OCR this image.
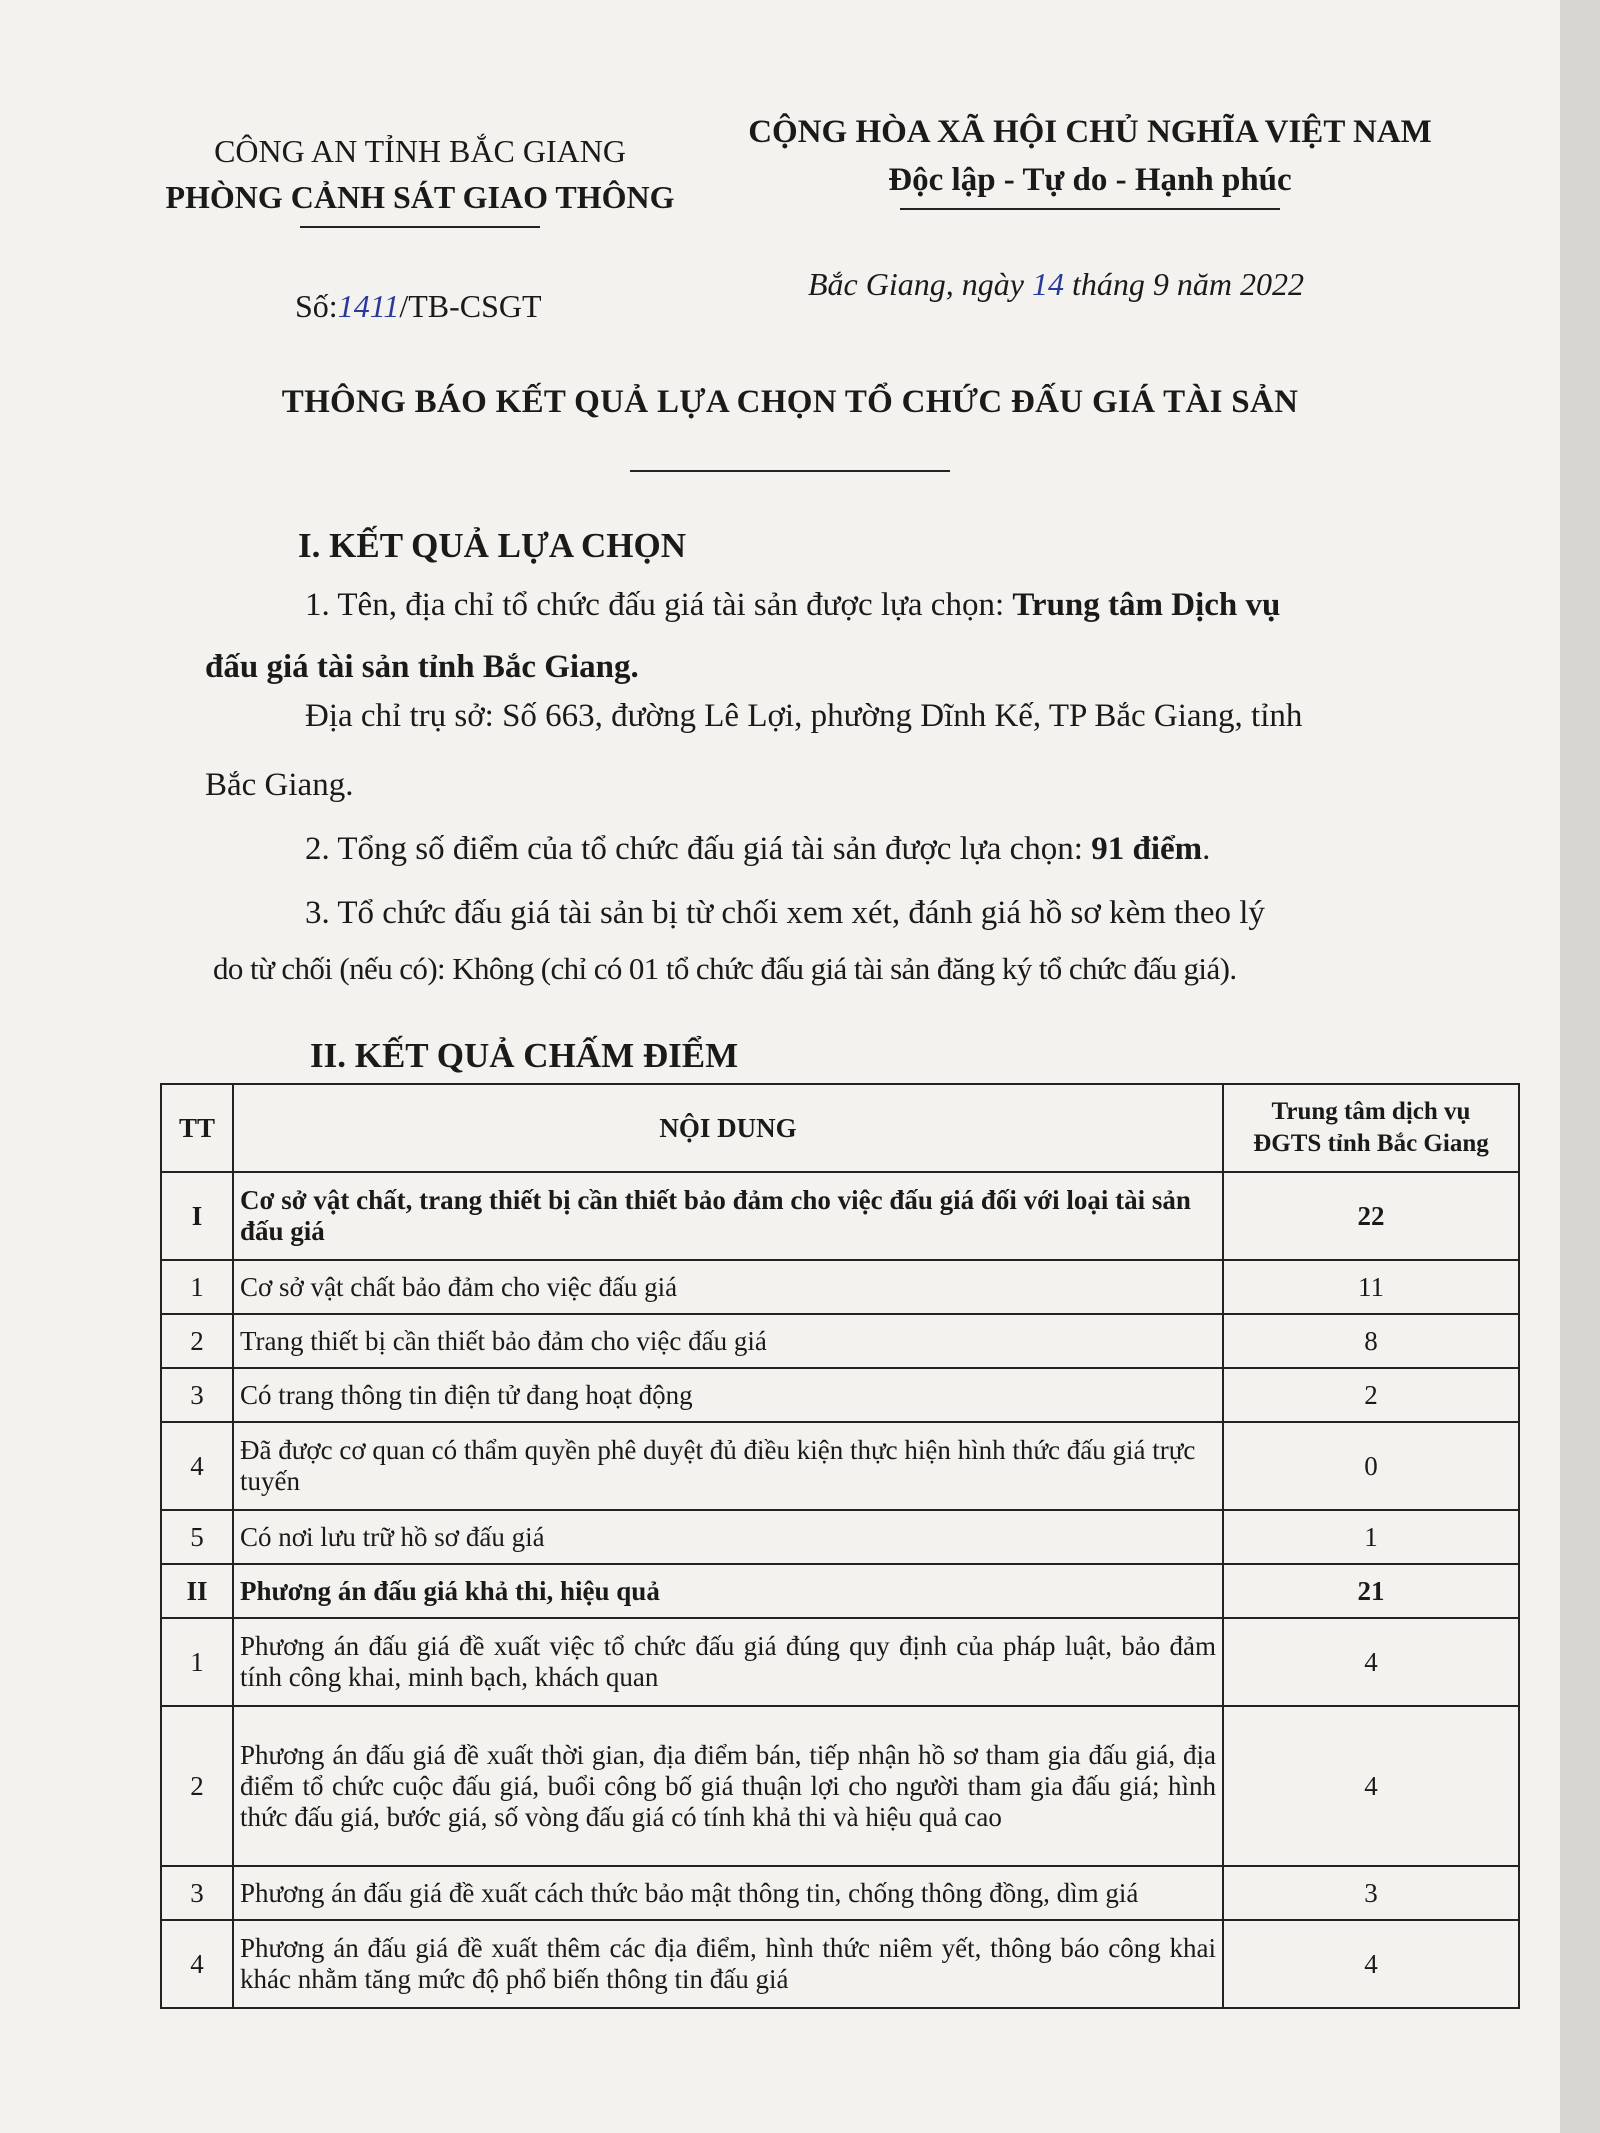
CÔNG AN TỈNH BẮC GIANG
PHÒNG CẢNH SÁT GIAO THÔNG
CỘNG HÒA XÃ HỘI CHỦ NGHĨA VIỆT NAM
Độc lập - Tự do - Hạnh phúc
Số:1411/TB-CSGT
Bắc Giang, ngày 14 tháng 9 năm 2022
THÔNG BÁO KẾT QUẢ LỰA CHỌN TỔ CHỨC ĐẤU GIÁ TÀI SẢN
I. KẾT QUẢ LỰA CHỌN
1. Tên, địa chỉ tổ chức đấu giá tài sản được lựa chọn: Trung tâm Dịch vụ
đấu giá tài sản tỉnh Bắc Giang.
Địa chỉ trụ sở: Số 663, đường Lê Lợi, phường Dĩnh Kế, TP Bắc Giang, tỉnh
Bắc Giang.
2. Tổng số điểm của tổ chức đấu giá tài sản được lựa chọn: 91 điểm.
3. Tổ chức đấu giá tài sản bị từ chối xem xét, đánh giá hồ sơ kèm theo lý
do từ chối (nếu có): Không (chỉ có 01 tổ chức đấu giá tài sản đăng ký tổ chức đấu giá).
II. KẾT QUẢ CHẤM ĐIỂM
TT	NỘI DUNG	Trung tâm dịch vụ
ĐGTS tỉnh Bắc Giang

I	Cơ sở vật chất, trang thiết bị cần thiết bảo đảm cho việc đấu giá đối với loại tài sản đấu giá	22
1	Cơ sở vật chất bảo đảm cho việc đấu giá	11
2	Trang thiết bị cần thiết bảo đảm cho việc đấu giá	8
3	Có trang thông tin điện tử đang hoạt động	2
4	Đã được cơ quan có thẩm quyền phê duyệt đủ điều kiện thực hiện hình thức đấu giá trực tuyến	0
5	Có nơi lưu trữ hồ sơ đấu giá	1
II	Phương án đấu giá khả thi, hiệu quả	21
1	Phương án đấu giá đề xuất việc tổ chức đấu giá đúng quy định của pháp luật, bảo đảm tính công khai, minh bạch, khách quan	4
2	Phương án đấu giá đề xuất thời gian, địa điểm bán, tiếp nhận hồ sơ tham gia đấu giá, địa điểm tổ chức cuộc đấu giá, buổi công bố giá thuận lợi cho người tham gia đấu giá; hình thức đấu giá, bước giá, số vòng đấu giá có tính khả thi và hiệu quả cao	4
3	Phương án đấu giá đề xuất cách thức bảo mật thông tin, chống thông đồng, dìm giá	3
4	Phương án đấu giá đề xuất thêm các địa điểm, hình thức niêm yết, thông báo công khai khác nhằm tăng mức độ phổ biến thông tin đấu giá	4
